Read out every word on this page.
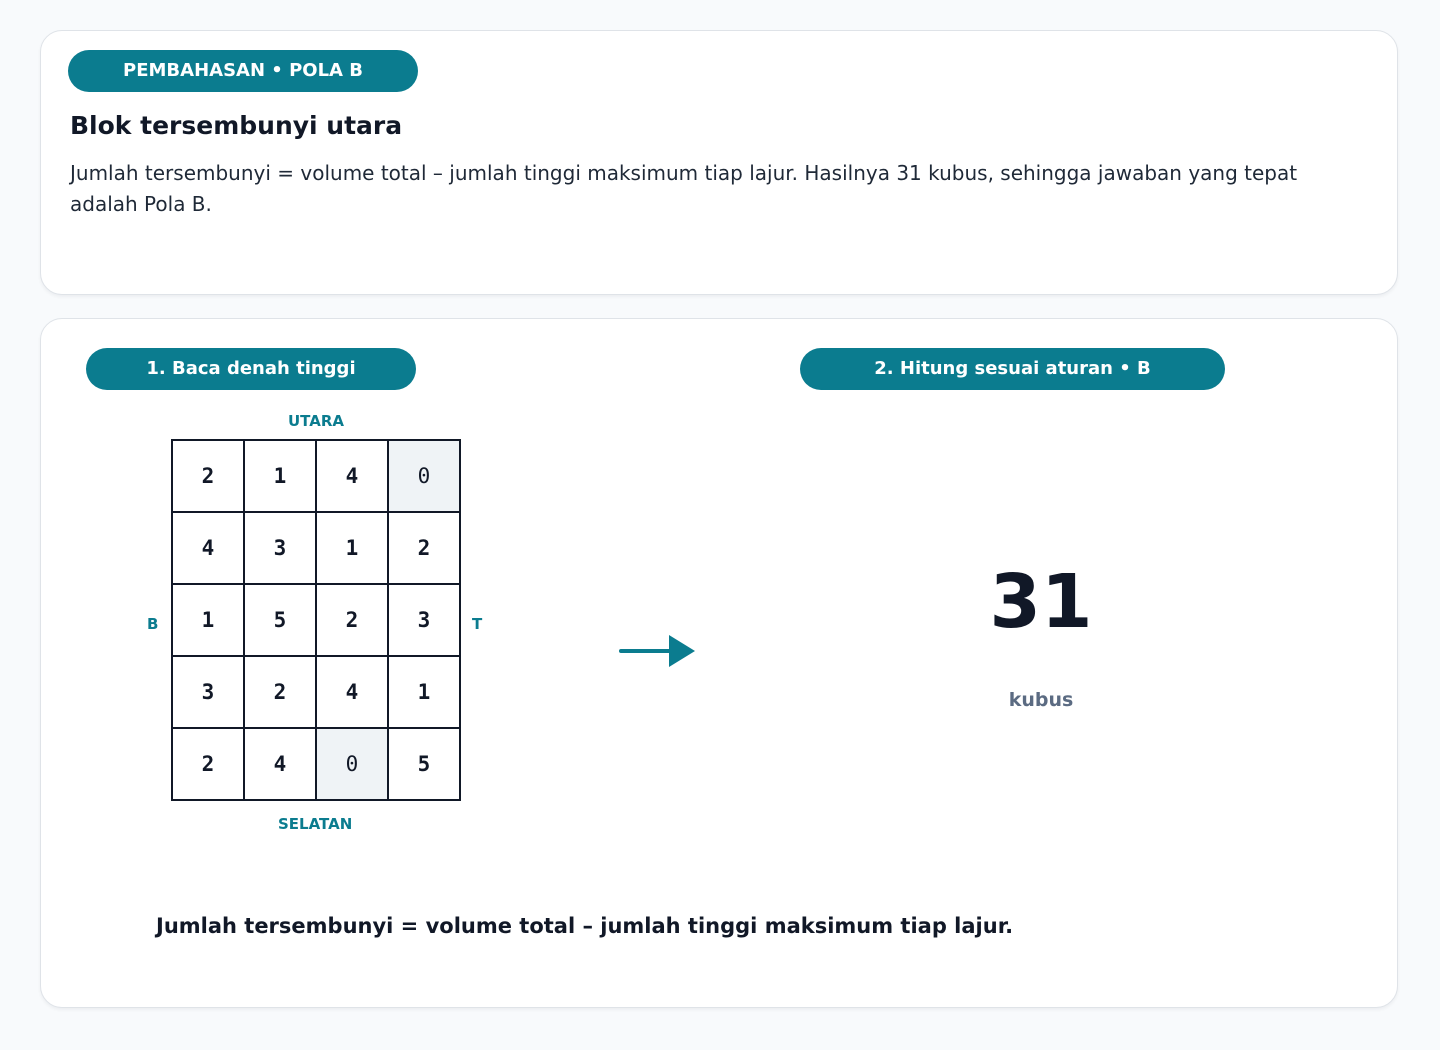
PEMBAHASAN • POLA B
Blok tersembunyi utara

Jumlah tersembunyi = volume total – jumlah tinggi maksimum tiap lajur. Hasilnya 31 kubus, sehingga jawaban yang tepat adalah Pola B.

1. Baca denah tinggi	2. Hitung sesuai aturan • B
UTARA
SELATAN
B	T
2	1	4	0
4	3	1	2
1	5	2	3
3	2	4	1
2	4	0	5
31
kubus

Jumlah tersembunyi = volume total – jumlah tinggi maksimum tiap lajur.
